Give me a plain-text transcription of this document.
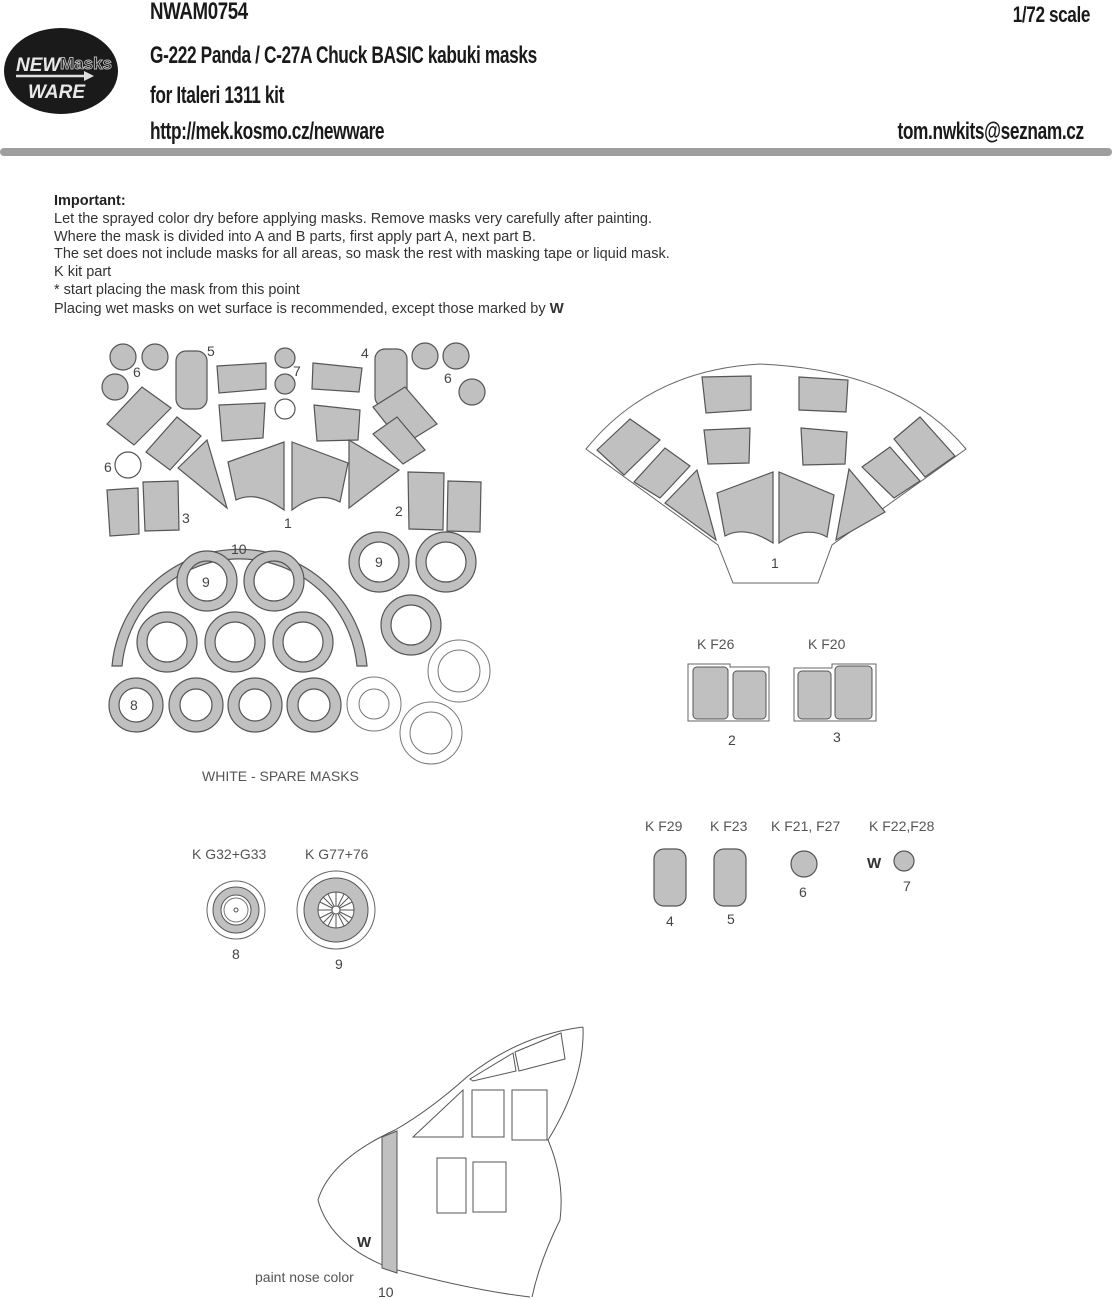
NEW Masks
WARE
NWAM0754	1/72 scale
G-222 Panda / C-27A Chuck BASIC kabuki masks
for Italeri 1311 kit
http://mek.kosmo.cz/newware	tom.nwkits@seznam.cz
Important:
Let the sprayed color dry before applying masks. Remove masks very carefully after painting.
Where the mask is divided into A and B parts, first apply part A, next part B.
The set does not include masks for all areas, so mask the rest with masking tape or liquid mask.
K kit part
* start placing the mask from this point
Placing wet masks on wet surface is recommended, except those marked by W
5
6	7
4
6
6
3	1
2
10
9
9
8
WHITE - SPARE MASKS
1
K F26
2
K F20
3
K F29
4
K F23
5
K F21, F27
6
K F22,F28
W
7
K G32+G33
8
K G77+76
9
W
paint nose color
10
